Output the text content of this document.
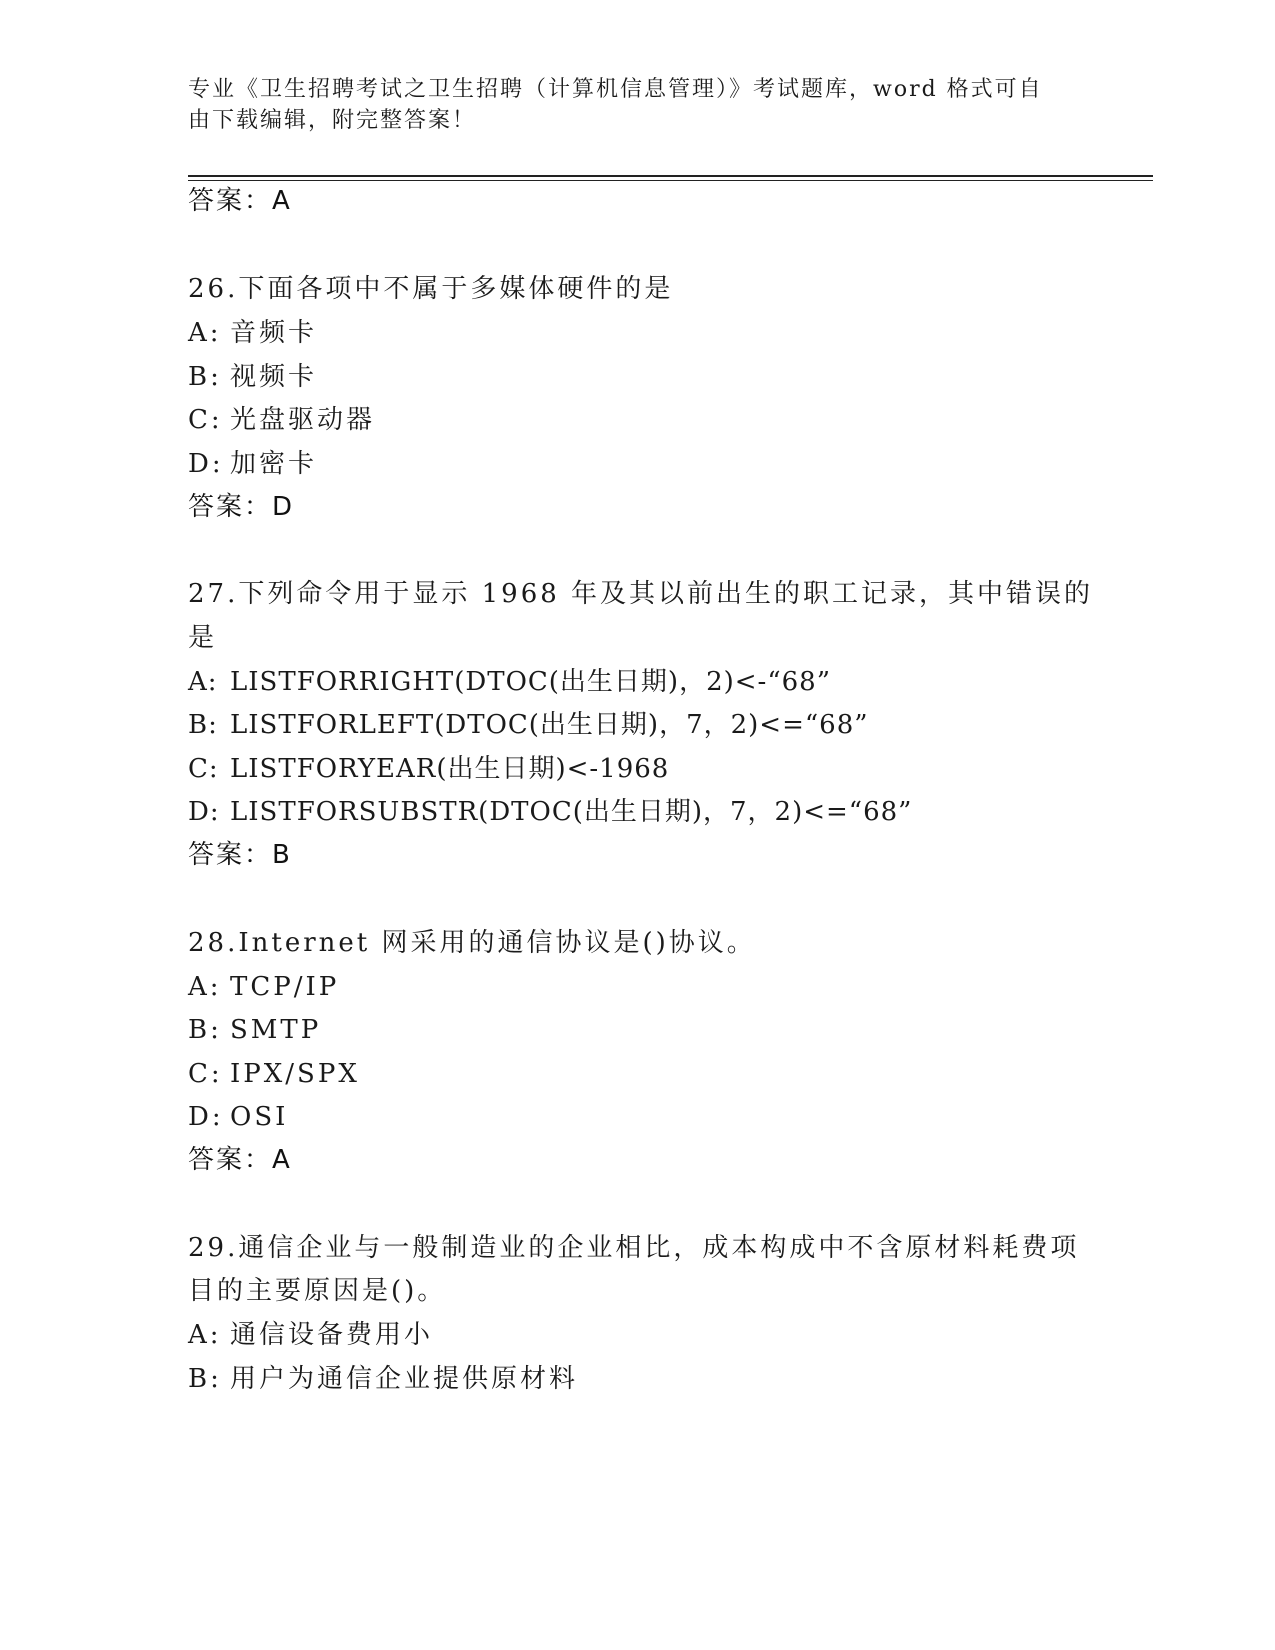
专业《卫生招聘考试之卫生招聘（计算机信息管理）》考试题库，word 格式可自
由下载编辑，附完整答案！
答案：A
26.下面各项中不属于多媒体硬件的是
A: 音频卡
B: 视频卡
C: 光盘驱动器
D: 加密卡
答案：D
27.下列命令用于显示 1968 年及其以前出生的职工记录，其中错误的
是
A: LISTFORRIGHT(DTOC(出生日期)，2)<-“68”
B: LISTFORLEFT(DTOC(出生日期)，7，2)<=“68”
C: LISTFORYEAR(出生日期)<-1968
D: LISTFORSUBSTR(DTOC(出生日期)，7，2)<=“68”
答案：B
28.Internet 网采用的通信协议是()协议。
A: TCP/IP
B: SMTP
C: IPX/SPX
D: OSI
答案：A
29.通信企业与一般制造业的企业相比，成本构成中不含原材料耗费项
目的主要原因是()。
A: 通信设备费用小
B: 用户为通信企业提供原材料
